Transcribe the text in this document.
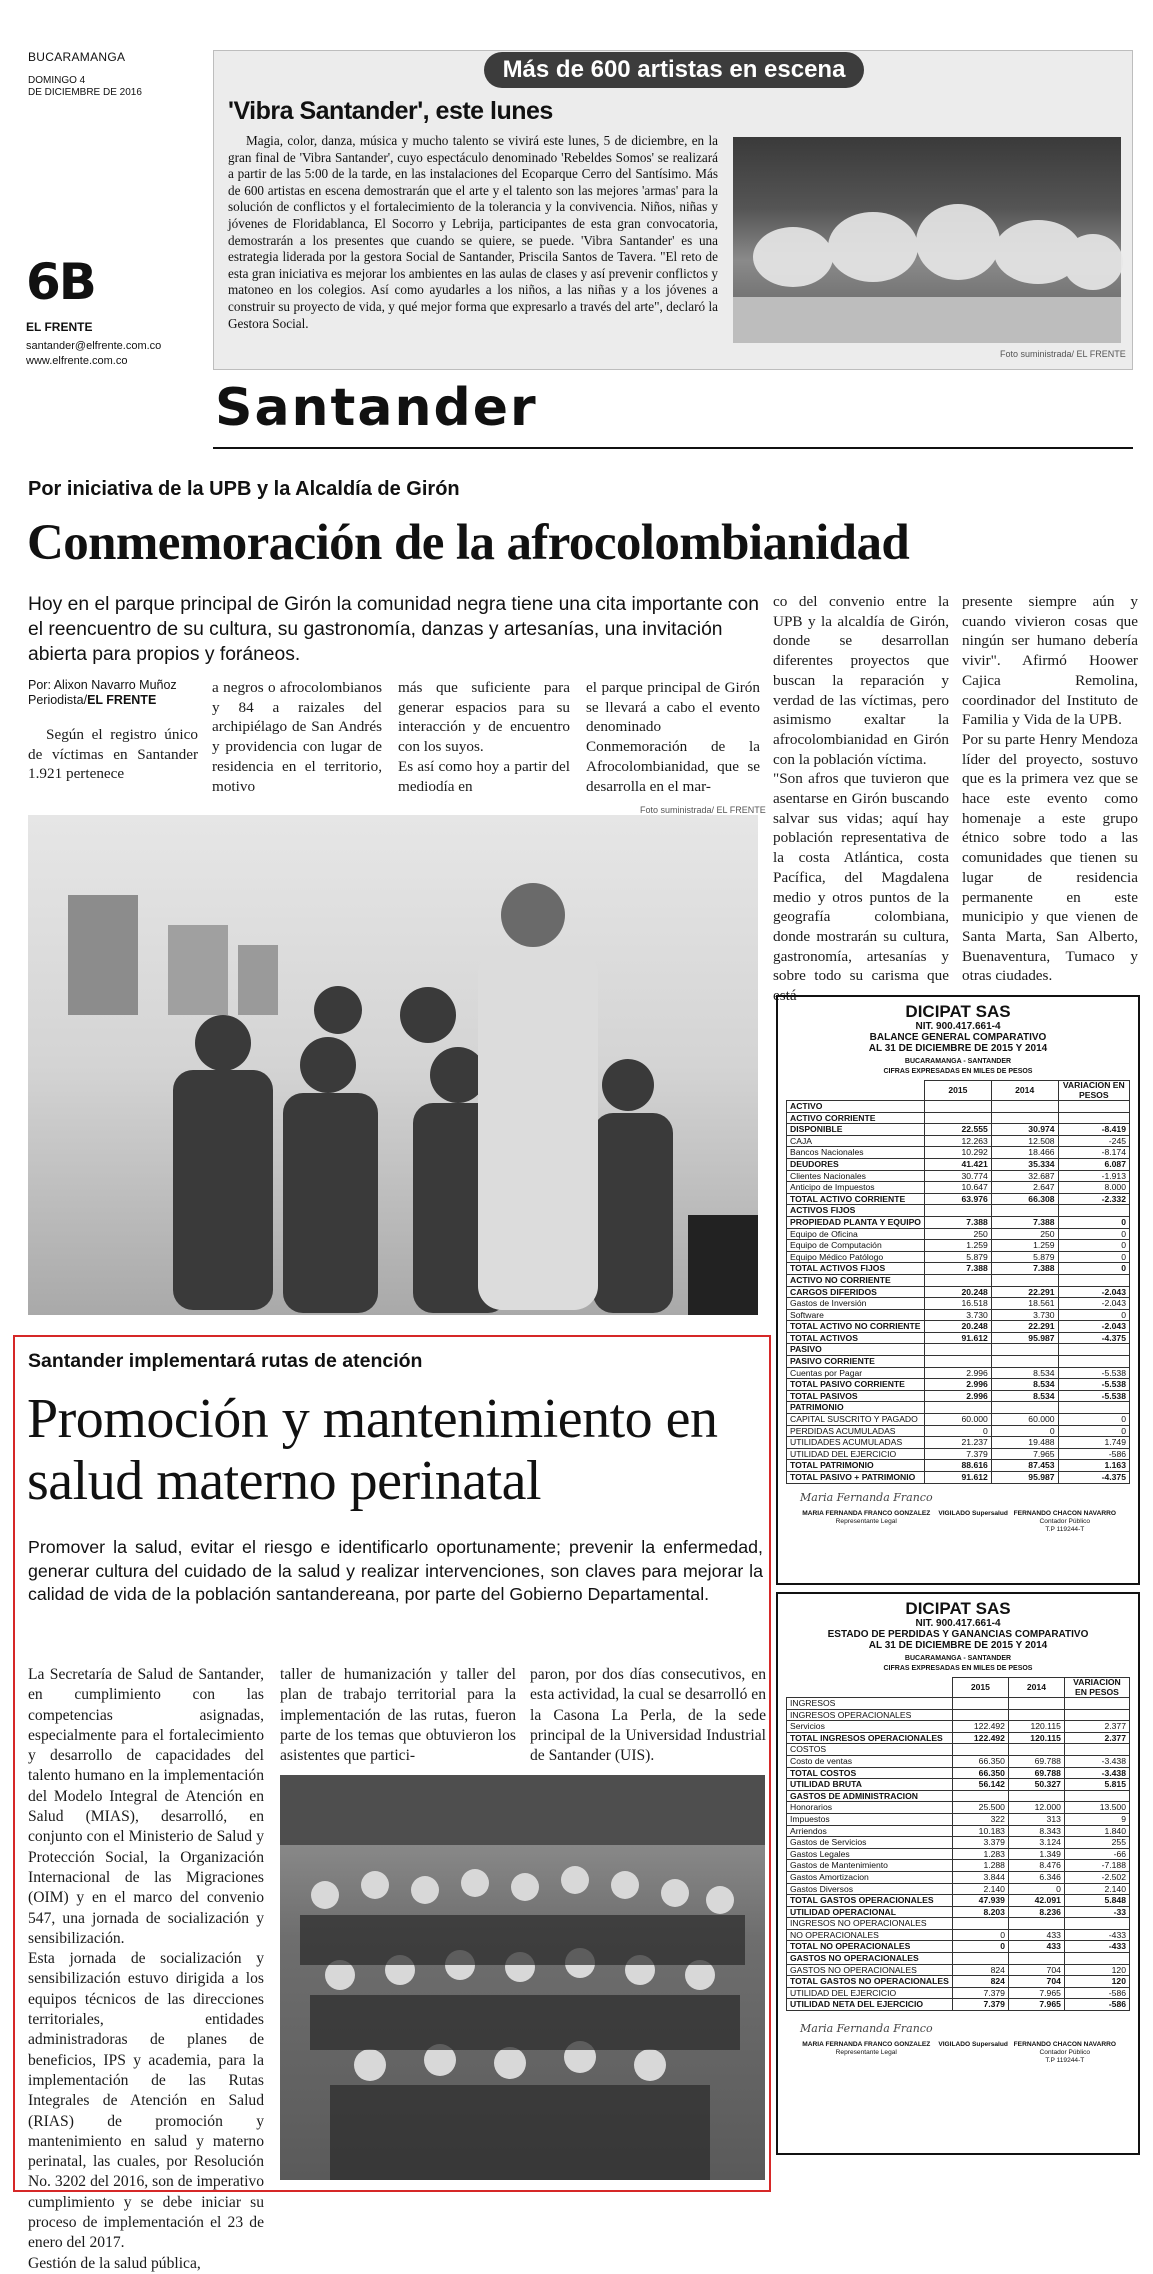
BUCARAMANGA
DOMINGO 4
DE DICIEMBRE DE 2016
6B
EL FRENTE
santander@elfrente.com.co
www.elfrente.com.co
Más de 600 artistas en escena
'Vibra Santander', este lunes
Magia, color, danza, música y mucho talento se vivirá este lunes, 5 de diciembre, en la gran final de 'Vibra Santander', cuyo espectáculo denominado 'Rebeldes Somos' se realizará a partir de las 5:00 de la tarde, en las instalaciones del Ecoparque Cerro del Santísimo. Más de 600 artistas en escena demostrarán que el arte y el talento son las mejores 'armas' para la solución de conflictos y el fortalecimiento de la tolerancia y la convivencia. Niños, niñas y jóvenes de Floridablanca, El Socorro y Lebrija, participantes de esta gran convocatoria, demostrarán a los presentes que cuando se quiere, se puede. 'Vibra Santander' es una estrategia liderada por la gestora Social de Santander, Priscila Santos de Tavera. "El reto de esta gran iniciativa es mejorar los ambientes en las aulas de clases y así prevenir conflictos y matoneo en los colegios. Así como ayudarles a los niños, a las niñas y a los jóvenes a construir su proyecto de vida, y qué mejor forma que expresarlo a través del arte", declaró la Gestora Social.
Foto suministrada/ EL FRENTE
Santander
Por iniciativa de la UPB y la Alcaldía de Girón
Conmemoración de la afrocolombianidad
Hoy en el parque principal de Girón la comunidad negra tiene una cita importante con el reencuentro de su cultura, su gastronomía, danzas y artesanías, una invitación abierta para propios y foráneos.
Por: Alixon Navarro Muñoz
Periodista/EL FRENTE

Según el registro único de víctimas en Santander 1.921 pertenece

a negros o afrocolombianos y 84 a raizales del archipiélago de San Andrés y providencia con lugar de residencia en el territorio, motivo

más que suficiente para generar espacios para su interacción y de encuentro con los suyos.
Es así como hoy a partir del mediodía en

el parque principal de Girón se llevará a cabo el evento denominado Conmemoración de la Afrocolombianidad, que se desarrolla en el mar-

co del convenio entre la UPB y la alcaldía de Girón, donde se desarrollan diferentes proyectos que buscan la reparación y verdad de las víctimas, pero asimismo exaltar la afrocolombianidad en Girón con la población víctima.
"Son afros que tuvieron que asentarse en Girón buscando salvar sus vidas; aquí hay población representativa de la costa Atlántica, costa Pacífica, del Magdalena medio y otros puntos de la geografía colombiana, donde mostrarán su cultura, gastronomía, artesanías y sobre todo su carisma que está

presente siempre aún y cuando vivieron cosas que ningún ser humano debería vivir". Afirmó Hoower Cajica Remolina, coordinador del Instituto de Familia y Vida de la UPB.
Por su parte Henry Mendoza líder del proyecto, sostuvo que es la primera vez que se hace este evento como homenaje a este grupo étnico sobre todo a las comunidades que tienen su lugar de residencia permanente en este municipio y que vienen de Santa Marta, San Alberto, Buenaventura, Tumaco y otras ciudades.

Foto suministrada/ EL FRENTE
Santander implementará rutas de atención
Promoción y mantenimiento en salud materno perinatal
Promover la salud, evitar el riesgo e identificarlo oportunamente; prevenir la enfermedad, generar cultura del cuidado de la salud y realizar intervenciones, son claves para mejorar la calidad de vida de la población santandereana, por parte del Gobierno Departamental.

La Secretaría de Salud de Santander, en cumplimiento con las competencias asignadas, especialmente para el fortalecimiento y desarrollo de capacidades del talento humano en la implementación del Modelo Integral de Atención en Salud (MIAS), desarrolló, en conjunto con el Ministerio de Salud y Protección Social, la Organización Internacional de las Migraciones (OIM) y en el marco del convenio 547, una jornada de socialización y sensibilización.
Esta jornada de socialización y sensibilización estuvo dirigida a los equipos técnicos de las direcciones territoriales, entidades administradoras de planes de beneficios, IPS y academia, para la implementación de las Rutas Integrales de Atención en Salud (RIAS) de promoción y mantenimiento en salud y materno perinatal, las cuales, por Resolución No. 3202 del 2016, son de imperativo cumplimiento y se debe iniciar su proceso de implementación el 23 de enero del 2017.
Gestión de la salud pública,

taller de humanización y taller del plan de trabajo territorial para la implementación de las rutas, fueron parte de los temas que obtuvieron los asistentes que partici-

paron, por dos días consecutivos, en esta actividad, la cual se desarrolló en la Casona La Perla, de la sede principal de la Universidad Industrial de Santander (UIS).

DICIPAT SAS
NIT. 900.417.661-4
BALANCE GENERAL COMPARATIVO
AL 31 DE DICIEMBRE DE 2015 Y 2014
BUCARAMANGA - SANTANDER
CIFRAS EXPRESADAS EN MILES DE PESOS
	2015	2014	VARIACION EN PESOS
ACTIVO			
ACTIVO CORRIENTE			
DISPONIBLE	22.555	30.974	-8.419
CAJA	12.263	12.508	-245
Bancos Nacionales	10.292	18.466	-8.174
DEUDORES	41.421	35.334	6.087
Clientes Nacionales	30.774	32.687	-1.913
Anticipo de Impuestos	10.647	2.647	8.000
TOTAL ACTIVO CORRIENTE	63.976	66.308	-2.332
ACTIVOS FIJOS			
PROPIEDAD PLANTA Y EQUIPO	7.388	7.388	0
Equipo de Oficina	250	250	0
Equipo de Computación	1.259	1.259	0
Equipo Médico Patólogo	5.879	5.879	0
TOTAL ACTIVOS FIJOS	7.388	7.388	0
ACTIVO NO CORRIENTE			
CARGOS DIFERIDOS	20.248	22.291	-2.043
Gastos de Inversión	16.518	18.561	-2.043
Software	3.730	3.730	0
TOTAL ACTIVO NO CORRIENTE	20.248	22.291	-2.043
TOTAL ACTIVOS	91.612	95.987	-4.375
PASIVO			
PASIVO CORRIENTE			
Cuentas por Pagar	2.996	8.534	-5.538
TOTAL PASIVO CORRIENTE	2.996	8.534	-5.538
TOTAL PASIVOS	2.996	8.534	-5.538
PATRIMONIO			
CAPITAL SUSCRITO Y PAGADO	60.000	60.000	0
PERDIDAS ACUMULADAS	0	0	0
UTILIDADES ACUMULADAS	21.237	19.488	1.749
UTILIDAD DEL EJERCICIO	7.379	7.965	-586
TOTAL PATRIMONIO	88.616	87.453	1.163
TOTAL PASIVO + PATRIMONIO	91.612	95.987	-4.375
Maria Fernanda Franco
MARIA FERNANDA FRANCO GONZALEZ
Representante Legal
VIGILADO Supersalud FERNANDO CHACON NAVARRO
Contador Público
T.P 119244-T
DICIPAT SAS
NIT. 900.417.661-4
ESTADO DE PERDIDAS Y GANANCIAS COMPARATIVO
AL 31 DE DICIEMBRE DE 2015 Y 2014
BUCARAMANGA - SANTANDER
CIFRAS EXPRESADAS EN MILES DE PESOS
	2015	2014	VARIACION EN PESOS
INGRESOS			
INGRESOS OPERACIONALES			
Servicios	122.492	120.115	2.377
TOTAL INGRESOS OPERACIONALES	122.492	120.115	2.377
COSTOS			
Costo de ventas	66.350	69.788	-3.438
TOTAL COSTOS	66.350	69.788	-3.438
UTILIDAD BRUTA	56.142	50.327	5.815
GASTOS DE ADMINISTRACION			
Honorarios	25.500	12.000	13.500
Impuestos	322	313	9
Arriendos	10.183	8.343	1.840
Gastos de Servicios	3.379	3.124	255
Gastos Legales	1.283	1.349	-66
Gastos de Mantenimiento	1.288	8.476	-7.188
Gastos Amortizacion	3.844	6.346	-2.502
Gastos Diversos	2.140	0	2.140
TOTAL GASTOS OPERACIONALES	47.939	42.091	5.848
UTILIDAD OPERACIONAL	8.203	8.236	-33
INGRESOS NO OPERACIONALES			
NO OPERACIONALES	0	433	-433
TOTAL NO OPERACIONALES	0	433	-433
GASTOS NO OPERACIONALES			
GASTOS NO OPERACIONALES	824	704	120
TOTAL GASTOS NO OPERACIONALES	824	704	120
UTILIDAD DEL EJERCICIO	7.379	7.965	-586
UTILIDAD NETA DEL EJERCICIO	7.379	7.965	-586
Maria Fernanda Franco
MARIA FERNANDA FRANCO GONZALEZ
Representante Legal
VIGILADO Supersalud FERNANDO CHACON NAVARRO
Contador Público
T.P 119244-T
